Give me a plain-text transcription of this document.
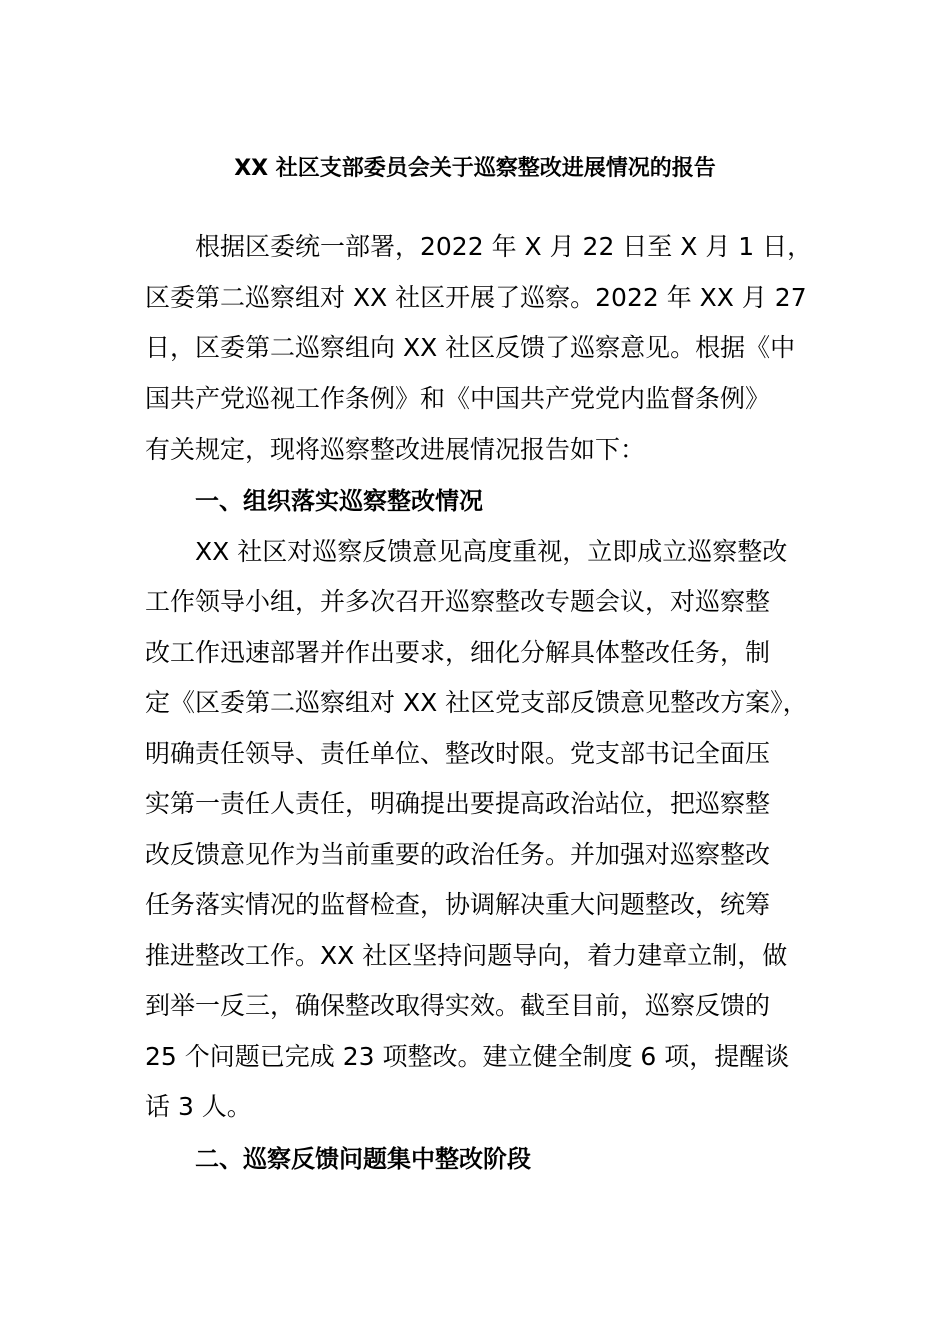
XX 社区支部委员会关于巡察整改进展情况的报告
根据区委统一部署，2022 年 X 月 22 日至 X 月 1 日，
区委第二巡察组对 XX 社区开展了巡察。2022 年 XX 月 27
日，区委第二巡察组向 XX 社区反馈了巡察意见。根据《中
国共产党巡视工作条例》和《中国共产党党内监督条例》
有关规定，现将巡察整改进展情况报告如下：
一、组织落实巡察整改情况
XX 社区对巡察反馈意见高度重视，立即成立巡察整改
工作领导小组，并多次召开巡察整改专题会议，对巡察整
改工作迅速部署并作出要求，细化分解具体整改任务，制
定《区委第二巡察组对 XX 社区党支部反馈意见整改方案》，
明确责任领导、责任单位、整改时限。党支部书记全面压
实第一责任人责任，明确提出要提高政治站位，把巡察整
改反馈意见作为当前重要的政治任务。并加强对巡察整改
任务落实情况的监督检查，协调解决重大问题整改，统筹
推进整改工作。XX 社区坚持问题导向，着力建章立制，做
到举一反三，确保整改取得实效。截至目前，巡察反馈的
25 个问题已完成 23 项整改。建立健全制度 6 项，提醒谈
话 3 人。
二、巡察反馈问题集中整改阶段
